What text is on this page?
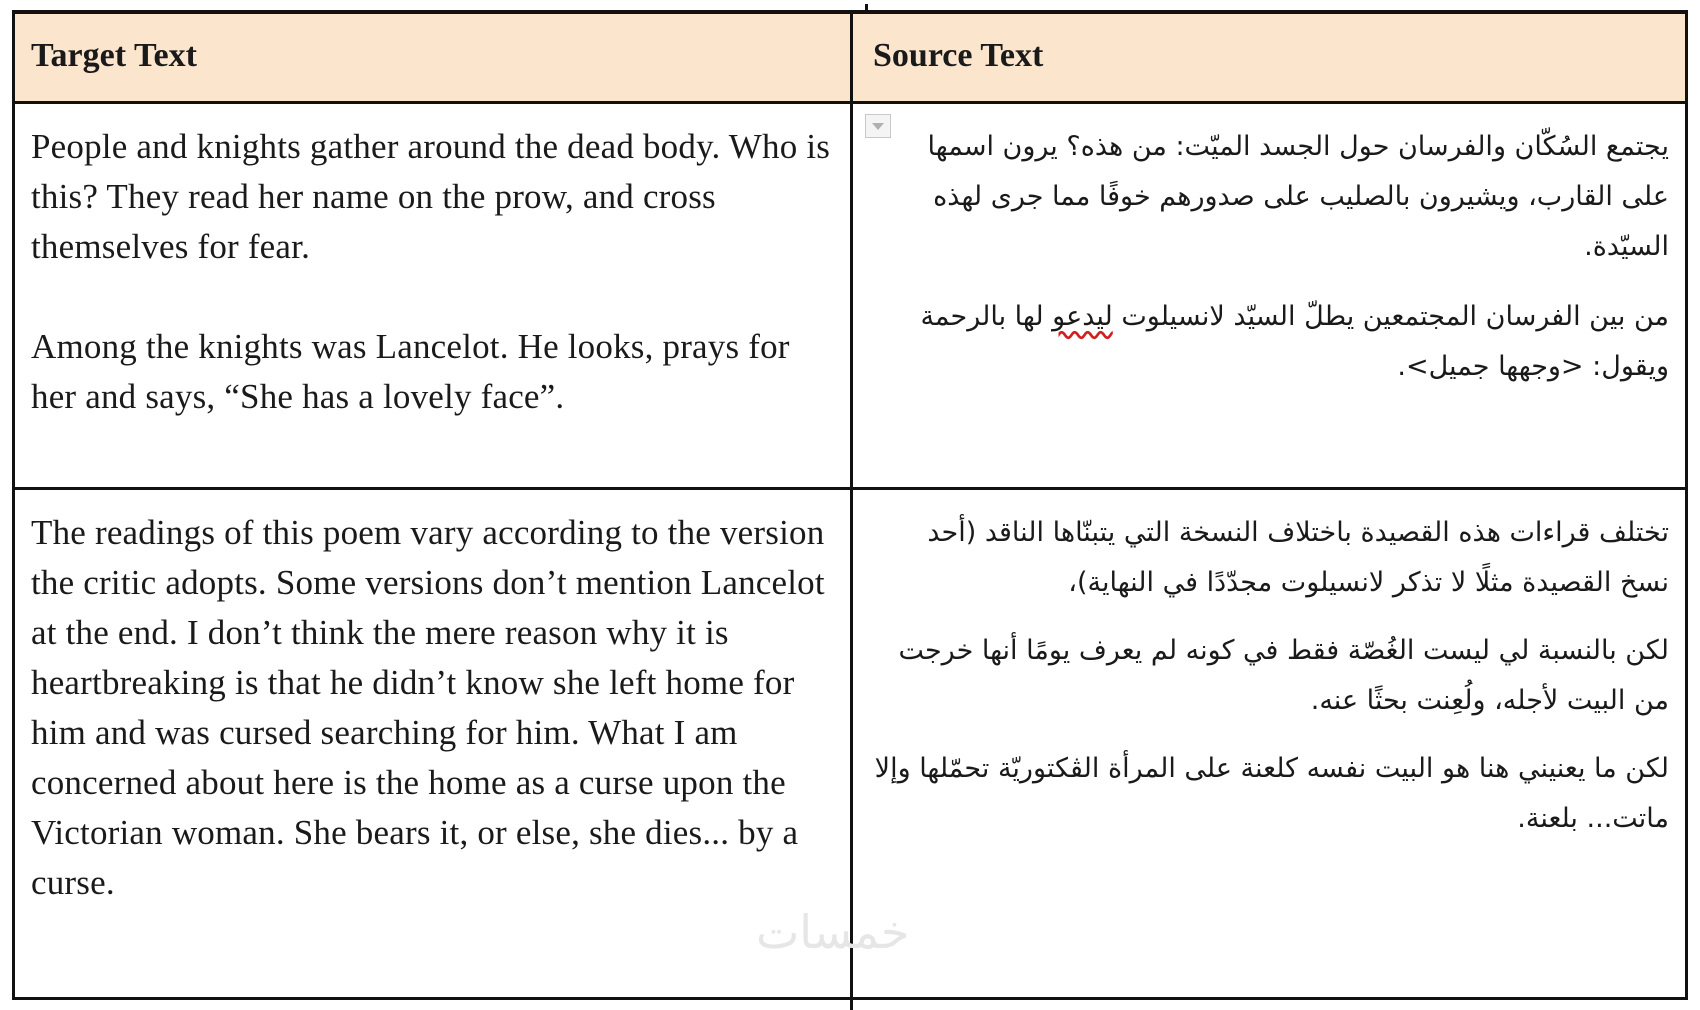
Target Text	Source Text

People and knights gather around the dead body. Who is this? They read her name on the prow, and cross themselves for fear.

Among the knights was Lancelot. He looks, prays for her and says, “She has a lovely face”.

يجتمع السُكّان والفرسان حول الجسد الميّت: من هذه؟ يرون اسمها على القارب، ويشيرون بالصليب على صدورهم خوفًا مما جرى لهذه السيّدة.

من بين الفرسان المجتمعين يطلّ السيّد لانسيلوت ليدعو لها بالرحمة ويقول: <وجهها جميل>.

The readings of this poem vary according to the version the critic adopts. Some versions don’t mention Lancelot at the end. I don’t think the mere reason why it is heartbreaking is that he didn’t know she left home for him and was cursed searching for him. What I am concerned about here is the home as a curse upon the Victorian woman. She bears it, or else, she dies... by a curse.

تختلف قراءات هذه القصيدة باختلاف النسخة التي يتبنّاها الناقد (أحد نسخ القصيدة مثلًا لا تذكر لانسيلوت مجدّدًا في النهاية)،

لكن بالنسبة لي ليست الغُصّة فقط في كونه لم يعرف يومًا أنها خرجت من البيت لأجله، ولُعِنت بحثًا عنه.

لكن ما يعنيني هنا هو البيت نفسه كلعنة على المرأة الڤكتوريّة تحمّلها وإلا ماتت... بلعنة.

خمسات
